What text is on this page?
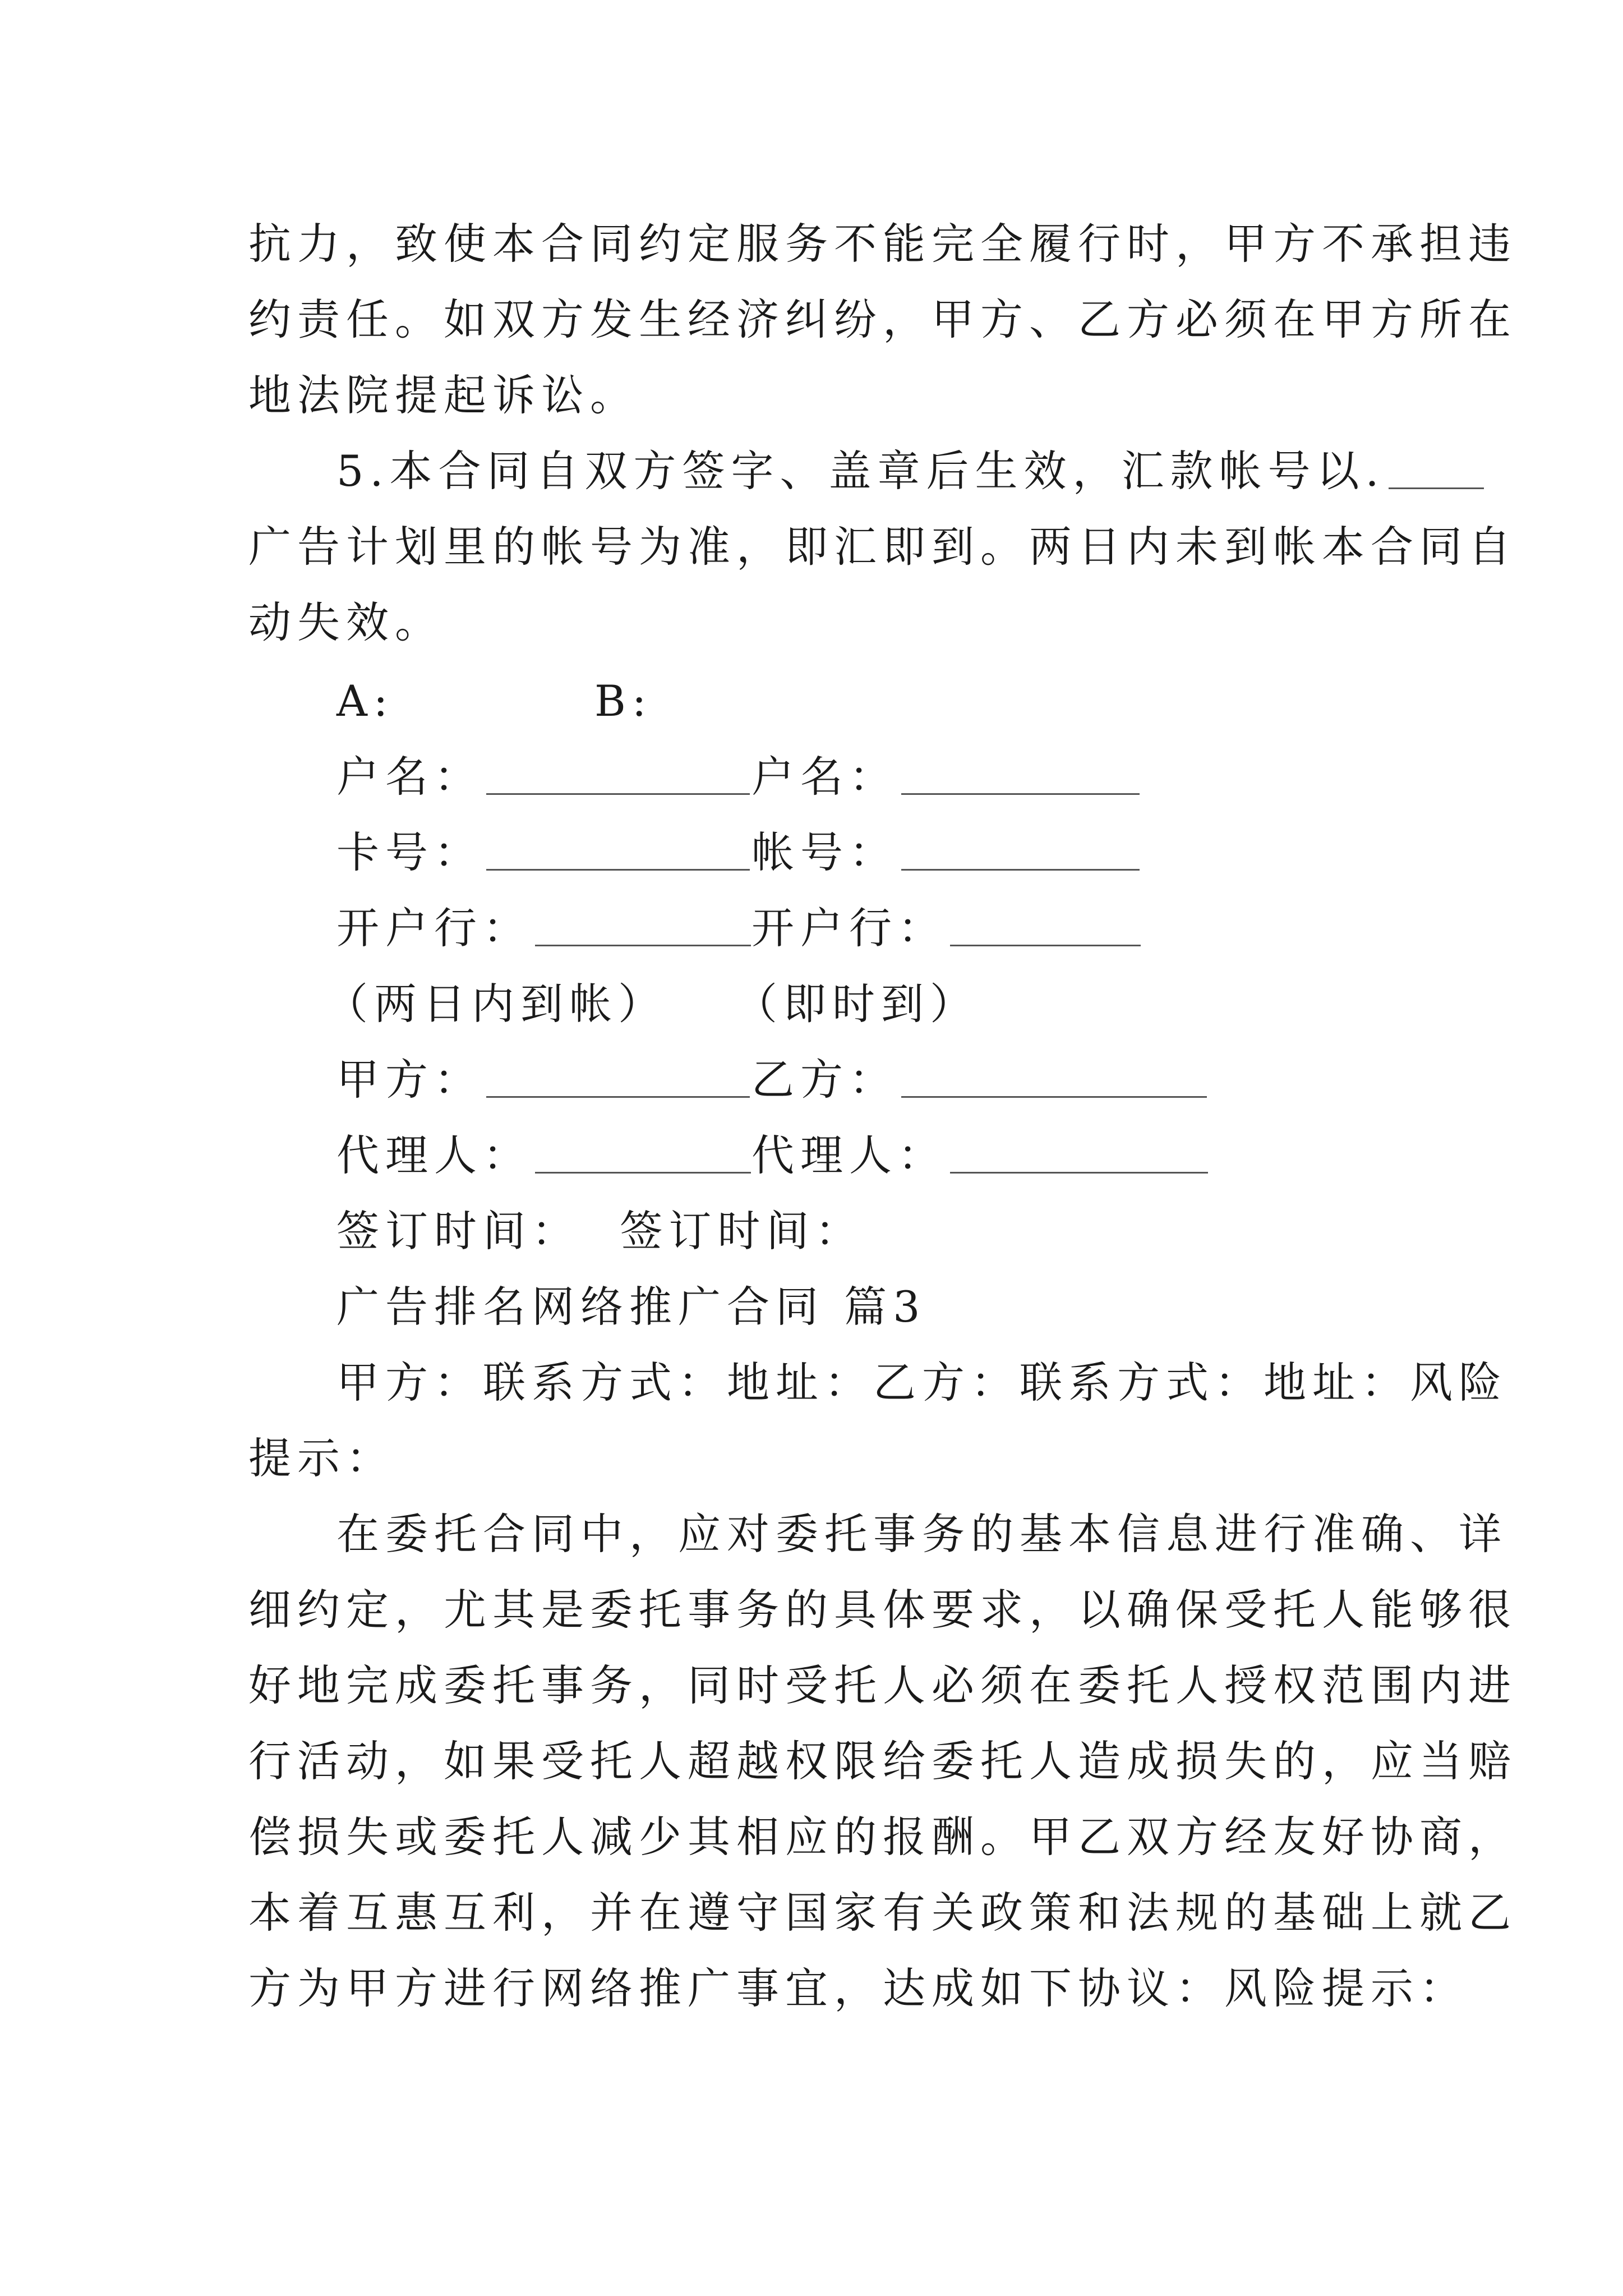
抗力，致使本合同约定服务不能完全履行时，甲方不承担违
约责任。如双方发生经济纠纷，甲方、乙方必须在甲方所在
地法院提起诉讼。
5.本合同自双方签字、盖章后生效，汇款帐号以.
广告计划里的帐号为准，即汇即到。两日内未到帐本合同自
动失效。
A:	B:
户名：	户名：
卡号：	帐号：
开户行：	开户行：
（两日内到帐） （即时到）
甲方：	乙方：
代理人：	代理人：
签订时间：  签订时间：
广告排名网络推广合同 篇3
甲方：联系方式：地址：乙方：联系方式：地址：风险
提示：
在委托合同中，应对委托事务的基本信息进行准确、详
细约定，尤其是委托事务的具体要求，以确保受托人能够很
好地完成委托事务，同时受托人必须在委托人授权范围内进
行活动，如果受托人超越权限给委托人造成损失的，应当赔
偿损失或委托人减少其相应的报酬。甲乙双方经友好协商，
本着互惠互利，并在遵守国家有关政策和法规的基础上就乙
方为甲方进行网络推广事宜，达成如下协议：风险提示：
